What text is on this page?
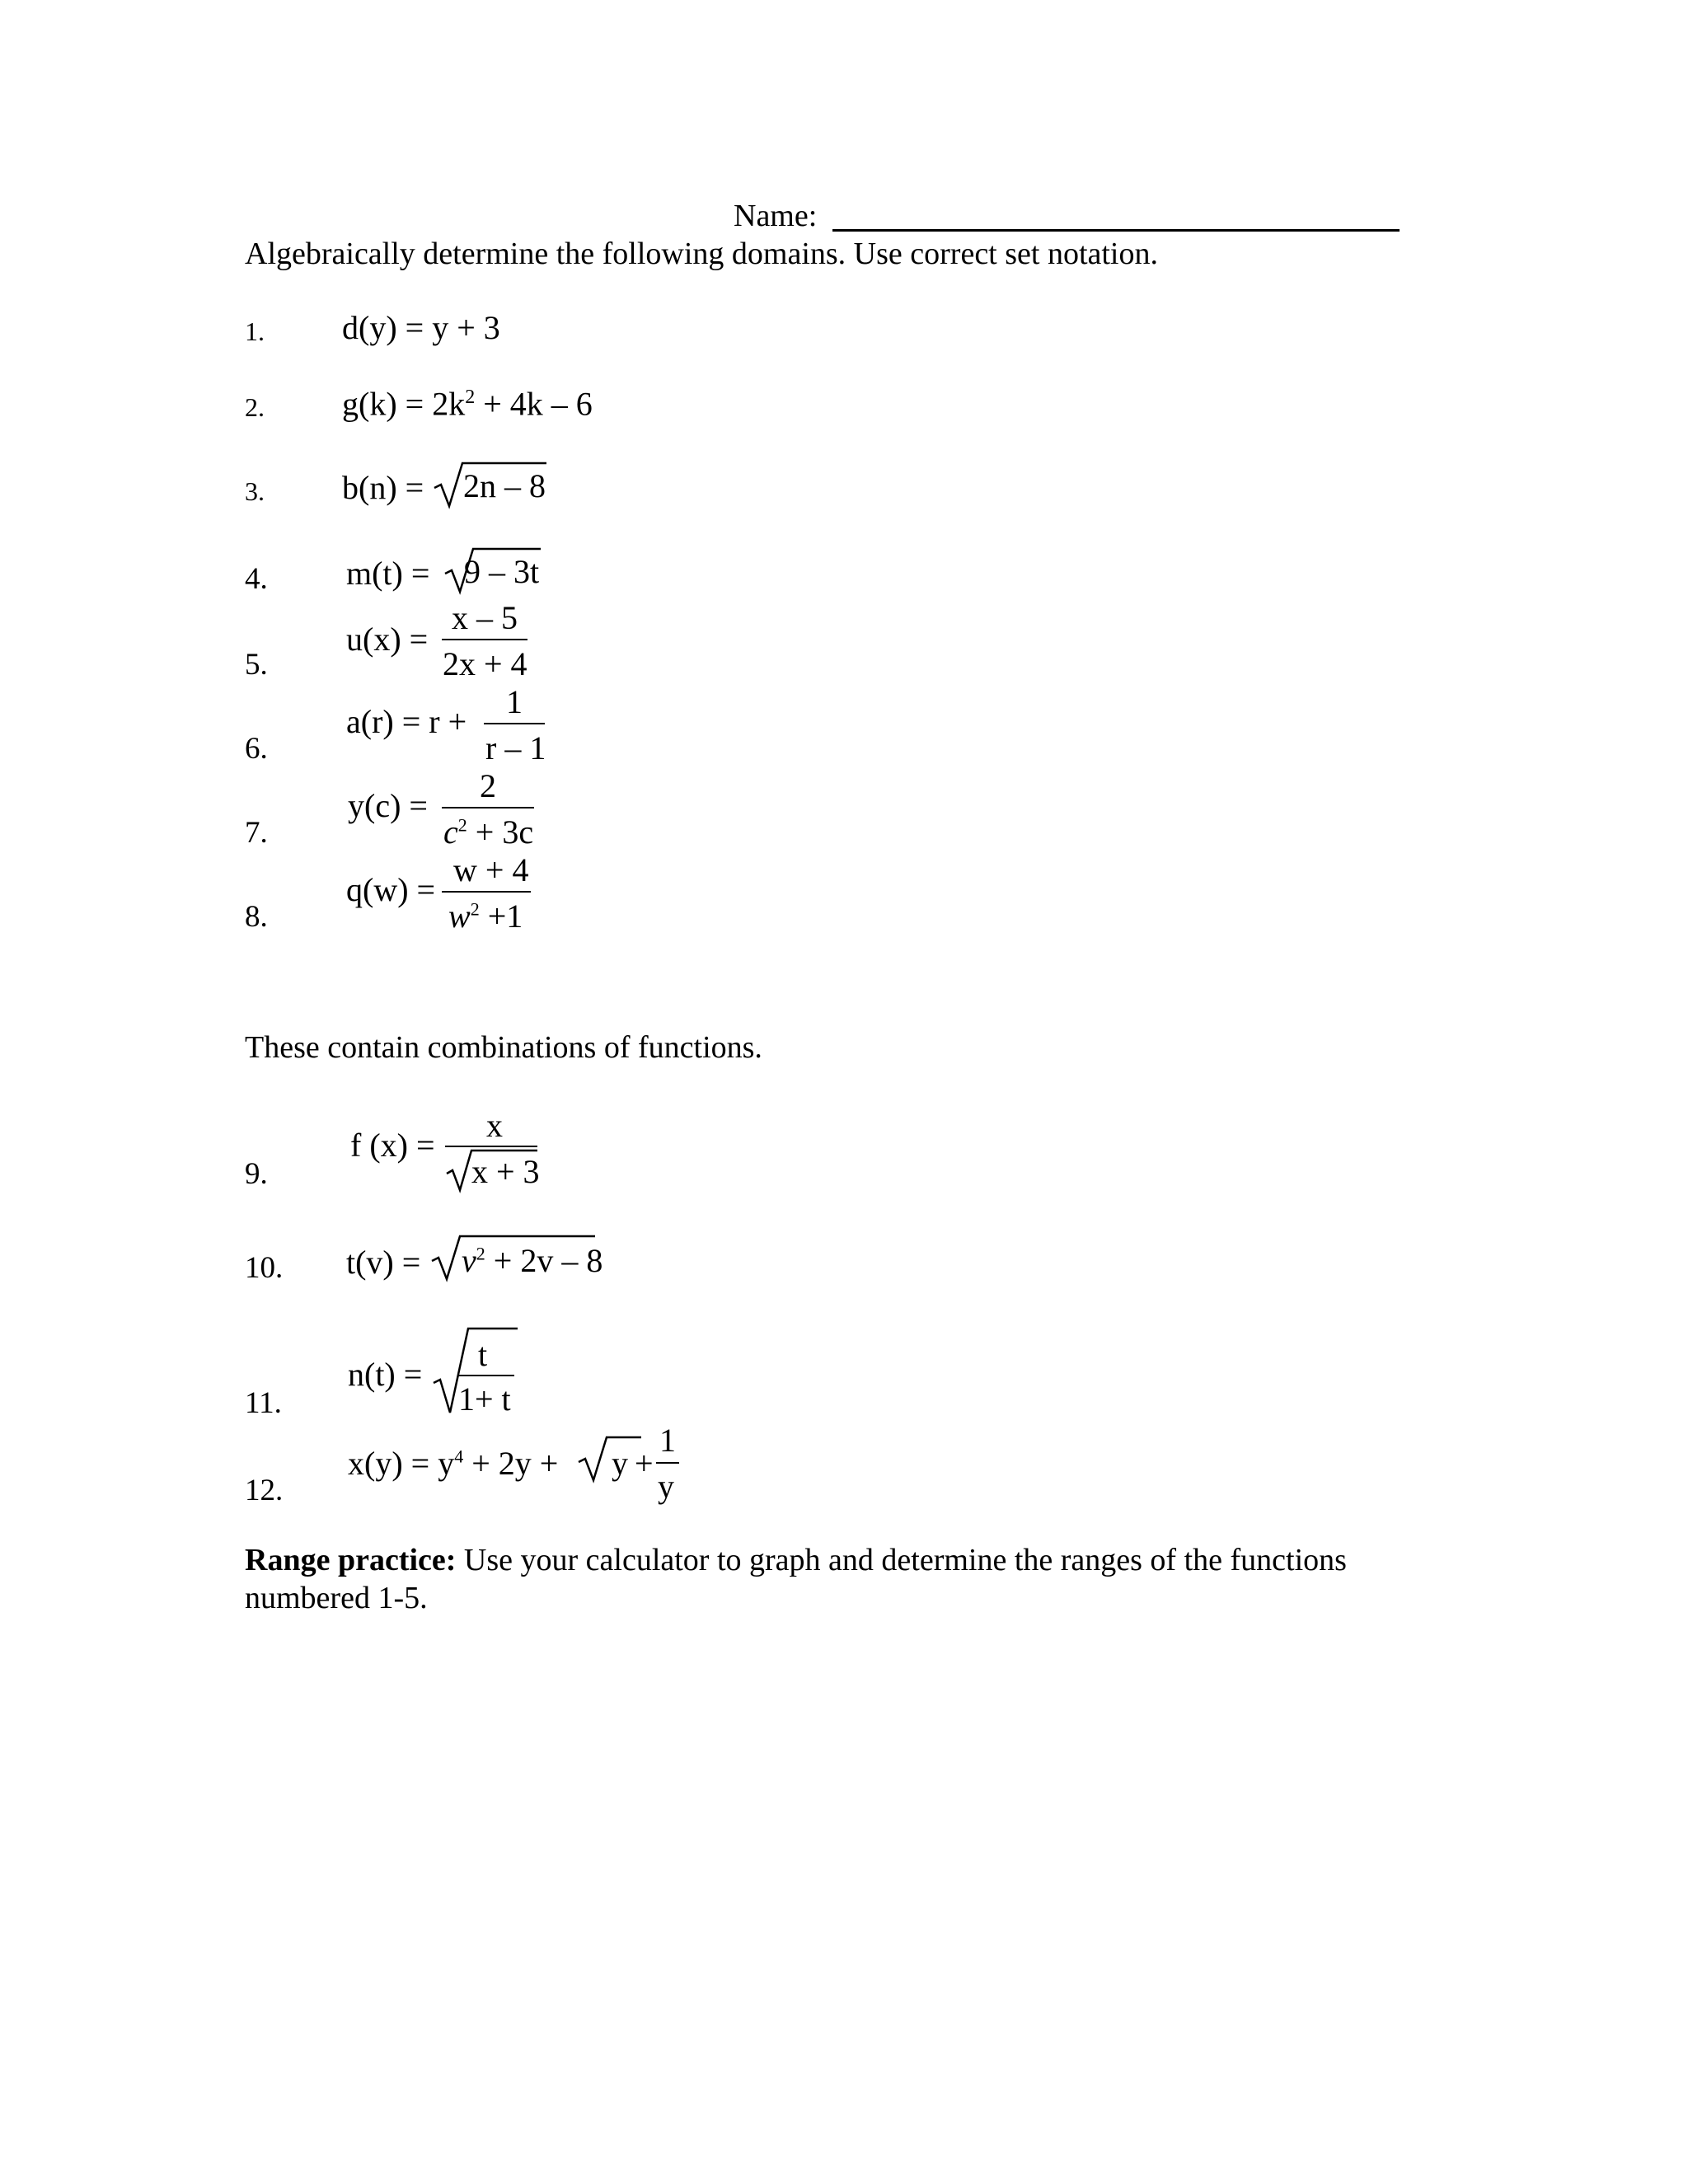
Name:
Algebraically determine the following domains. Use correct set notation.
1. d(y) = y + 3
2. $g(k) = 2k^2 + 4k - 6$
3. b(n) = 2n – 8
4. m(t) = 9 – 3t
5.
u(x) =
x – 5
2x + 4
6.
a(r) = r +
1
r – 1
7.
y(c) =
2
$c^2 + 3c$
8.
q(w) =
w + 4
$w^2 +1$
These contain combinations of functions.
9.
f (x) =
x
x + 3
10. $t(v) = v^2 + 2v - 8$
11.
n(t) =
t
1+ t
12.
$x(y) = y^4 + 2y + y$ +
1
y
Range practice: Use your calculator to graph and determine the ranges of the functions
numbered 1-5.
